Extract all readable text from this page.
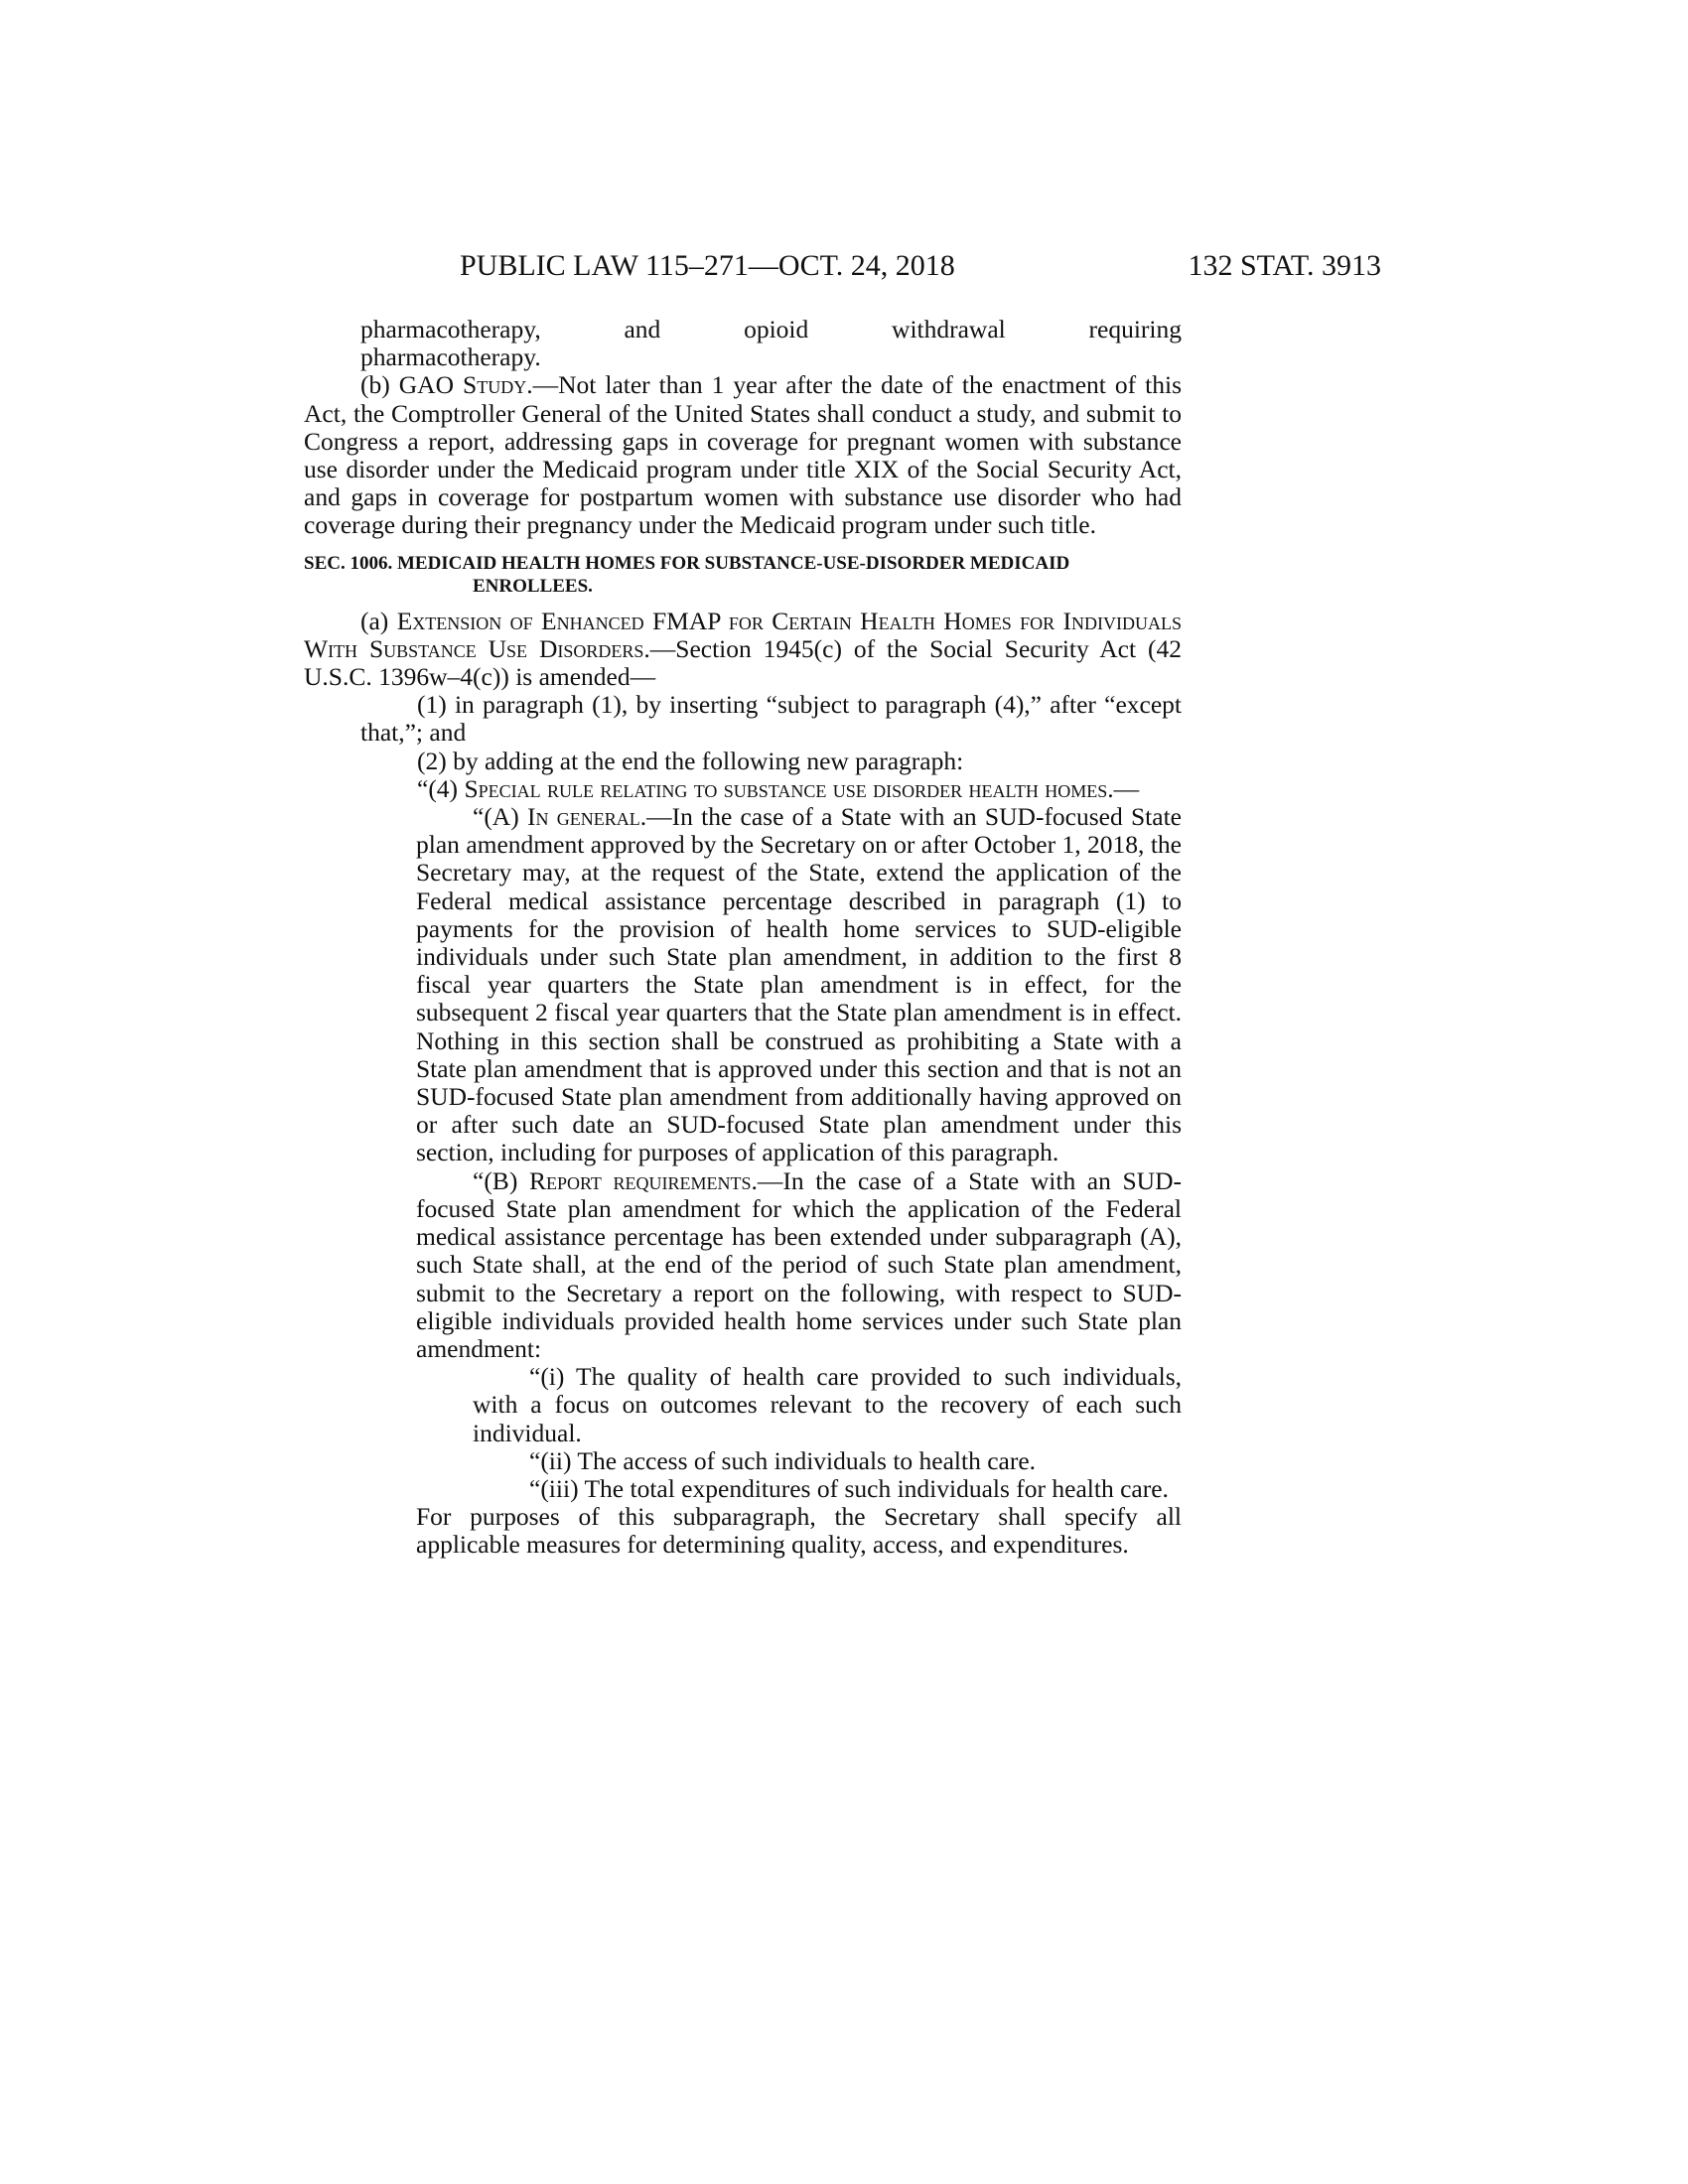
PUBLIC LAW 115–271—OCT. 24, 2018	132 STAT. 3913

pharmacotherapy, and opioid withdrawal requiring

pharmacotherapy.

(b) GAO Study.—Not later than 1 year after the date of the enactment of this Act, the Comptroller General of the United States shall conduct a study, and submit to Congress a report, addressing gaps in coverage for pregnant women with substance use disorder under the Medicaid program under title XIX of the Social Security Act, and gaps in coverage for postpartum women with substance use disorder who had coverage during their pregnancy under the Medicaid program under such title.

SEC. 1006. MEDICAID HEALTH HOMES FOR SUBSTANCE-USE-DISORDER MEDICAID ENROLLEES.

(a) Extension of Enhanced FMAP for Certain Health Homes for Individuals With Substance Use Disorders.—Section 1945(c) of the Social Security Act (42 U.S.C. 1396w–4(c)) is amended—

(1) in paragraph (1), by inserting “subject to paragraph (4),” after “except that,”; and

(2) by adding at the end the following new paragraph:

“(4) Special rule relating to substance use disorder health homes.—

“(A) In general.—In the case of a State with an SUD-focused State plan amendment approved by the Secretary on or after October 1, 2018, the Secretary may, at the request of the State, extend the application of the Federal medical assistance percentage described in paragraph (1) to payments for the provision of health home services to SUD-eligible individuals under such State plan amendment, in addition to the first 8 fiscal year quarters the State plan amendment is in effect, for the subsequent 2 fiscal year quarters that the State plan amendment is in effect. Nothing in this section shall be construed as prohibiting a State with a State plan amendment that is approved under this section and that is not an SUD-focused State plan amendment from additionally having approved on or after such date an SUD-focused State plan amendment under this section, including for purposes of application of this paragraph.

“(B) Report requirements.—In the case of a State with an SUD-focused State plan amendment for which the application of the Federal medical assistance percentage has been extended under subparagraph (A), such State shall, at the end of the period of such State plan amendment, submit to the Secretary a report on the following, with respect to SUD-eligible individuals provided health home services under such State plan amendment:

“(i) The quality of health care provided to such individuals, with a focus on outcomes relevant to the recovery of each such individual.

“(ii) The access of such individuals to health care.

“(iii) The total expenditures of such individuals for health care.

For purposes of this subparagraph, the Secretary shall specify all applicable measures for determining quality, access, and expenditures.
